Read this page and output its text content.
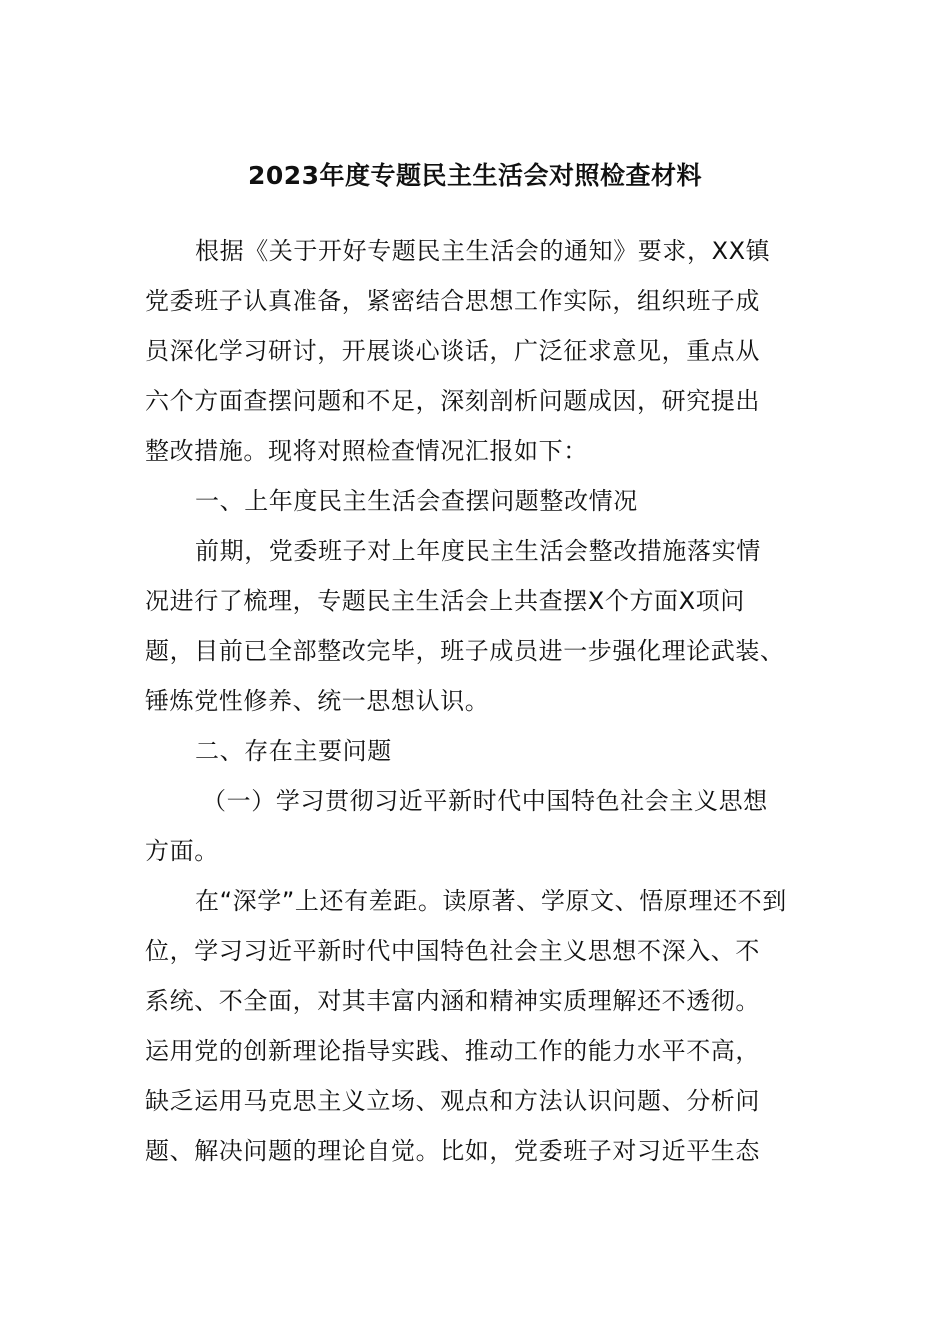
2023年度专题民主生活会对照检查材料
根据《关于开好专题民主生活会的通知》要求，XX镇
党委班子认真准备，紧密结合思想工作实际，组织班子成
员深化学习研讨，开展谈心谈话，广泛征求意见，重点从
六个方面查摆问题和不足，深刻剖析问题成因，研究提出
整改措施。现将对照检查情况汇报如下：
一、上年度民主生活会查摆问题整改情况
前期，党委班子对上年度民主生活会整改措施落实情
况进行了梳理，专题民主生活会上共查摆X个方面X项问
题，目前已全部整改完毕，班子成员进一步强化理论武装、
锤炼党性修养、统一思想认识。
二、存在主要问题
（一）学习贯彻习近平新时代中国特色社会主义思想
方面。
在“深学”上还有差距。读原著、学原文、悟原理还不到
位，学习习近平新时代中国特色社会主义思想不深入、不
系统、不全面，对其丰富内涵和精神实质理解还不透彻。
运用党的创新理论指导实践、推动工作的能力水平不高，
缺乏运用马克思主义立场、观点和方法认识问题、分析问
题、解决问题的理论自觉。比如，党委班子对习近平生态
